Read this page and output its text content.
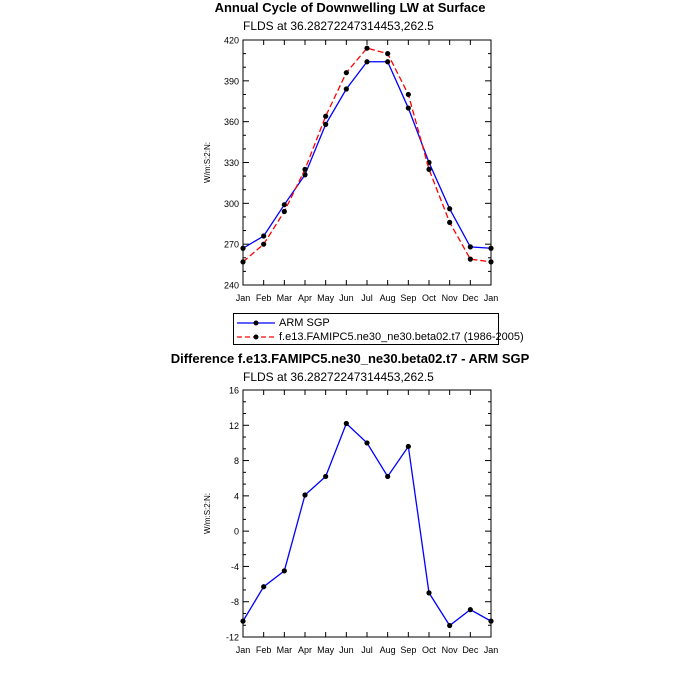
Annual Cycle of Downwelling LW at Surface
FLDS at 36.28272247314453,262.5
Jan Feb Mar Apr May Jun Jul Aug Sep Oct Nov Dec Jan
240
270
300
330
360
390
420
W/m:S:2:N:
ARM SGP
f.e13.FAMIPC5.ne30_ne30.beta02.t7 (1986-2005)
Difference f.e13.FAMIPC5.ne30_ne30.beta02.t7 - ARM SGP
FLDS at 36.28272247314453,262.5
Jan Feb Mar Apr May Jun Jul Aug Sep Oct Nov Dec Jan
-12
-8
-4
0
4
8
12
16
W/m:S:2:N:
